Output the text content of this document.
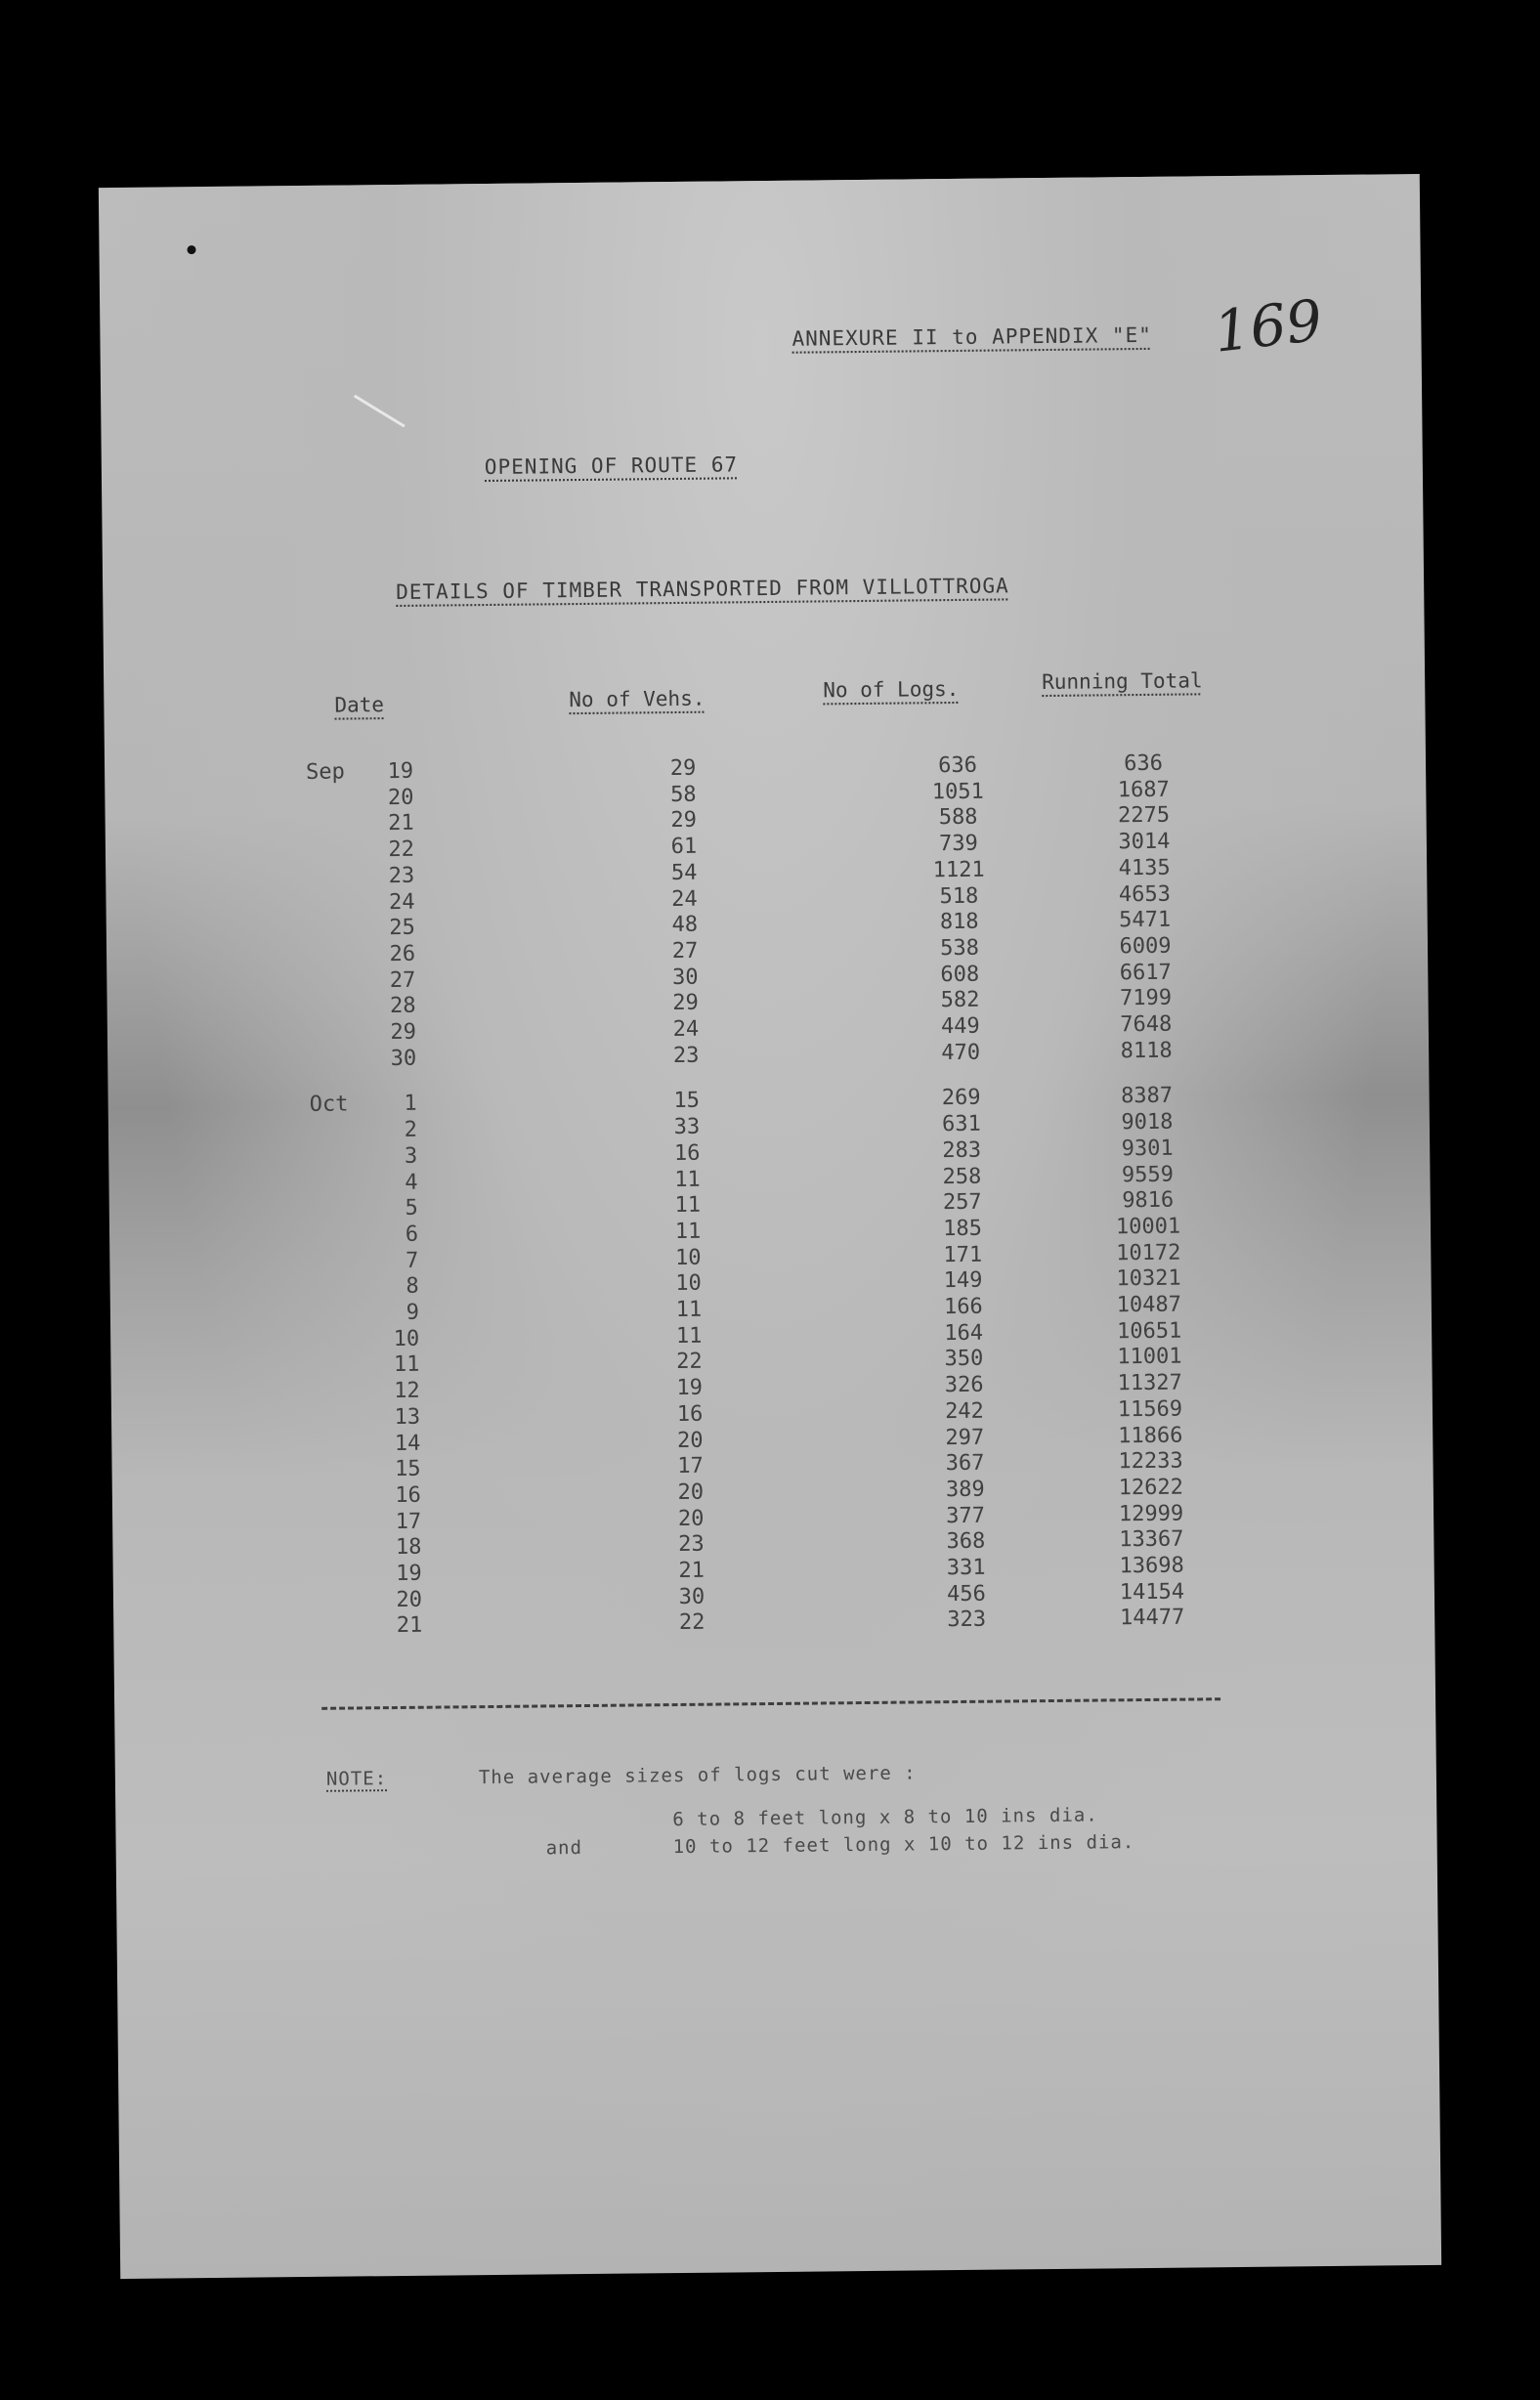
ANNEXURE II to APPENDIX "E" 169
OPENING OF ROUTE 67
DETAILS OF TIMBER TRANSPORTED FROM VILLOTTROGA
Date	No of Vehs.	No of Logs.	Running Total
Sep	19	29	636	636
20	58	1051	1687
21	29	588	2275
22	61	739	3014
23	54	1121	4135
24	24	518	4653
25	48	818	5471
26	27	538	6009
27	30	608	6617
28	29	582	7199
29	24	449	7648
30	23	470	8118
Oct	1	15	269	8387
2	33	631	9018
3	16	283	9301
4	11	258	9559
5	11	257	9816
6	11	185	10001
7	10	171	10172
8	10	149	10321
9	11	166	10487
10	11	164	10651
11	22	350	11001
12	19	326	11327
13	16	242	11569
14	20	297	11866
15	17	367	12233
16	20	389	12622
17	20	377	12999
18	23	368	13367
19	21	331	13698
20	30	456	14154
21	22	323	14477
NOTE:	The average sizes of logs cut were :
6 to 8 feet long x 8 to 10 ins dia.
and	10 to 12 feet long x 10 to 12 ins dia.
